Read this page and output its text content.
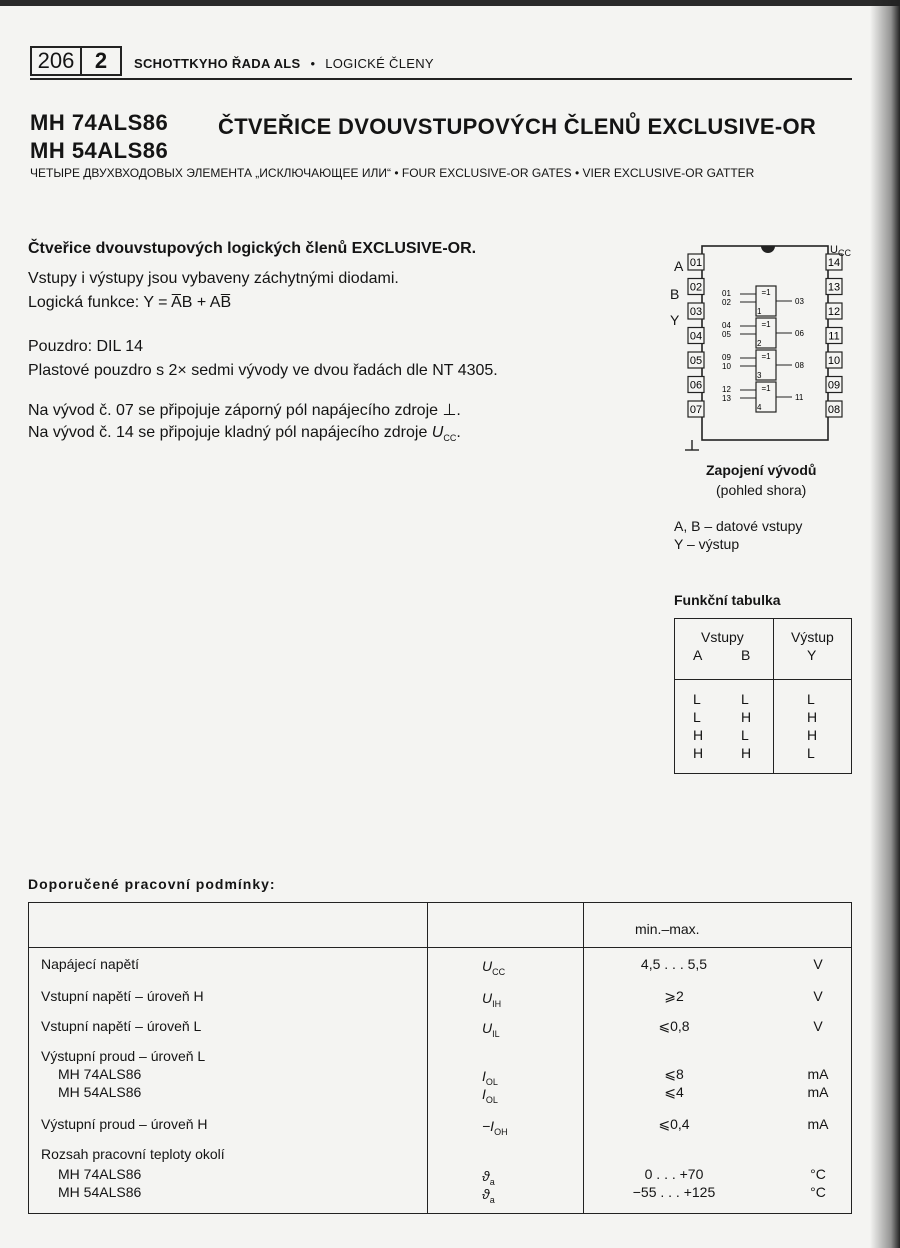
206 2	SCHOTTKYHO ŘADA ALS • LOGICKÉ ČLENY
MH 74ALS86
MH 54ALS86
ČTVEŘICE DVOUVSTUPOVÝCH ČLENŮ EXCLUSIVE-OR
ЧЕТЫРЕ ДВУХВХОДОВЫХ ЭЛЕМЕНТА „ИСКЛЮЧАЮЩЕЕ ИЛИ“ • FOUR EXCLUSIVE-OR GATES • VIER EXCLUSIVE-OR GATTER
Čtveřice dvouvstupových logických členů EXCLUSIVE-OR.
Vstupy i výstupy jsou vybaveny záchytnými diodami.
Logická funkce: Y = A̅B + AB̅
Pouzdro: DIL 14
Plastové pouzdro s 2× sedmi vývody ve dvou řadách dle NT 4305.
Na vývod č. 07 se připojuje záporný pól napájecího zdroje ⊥.
Na vývod č. 14 se připojuje kladný pól napájecího zdroje $U_{CC}$.
01
02
03
04
05
06
07
14
13
12
11
10
09
08
=1
1
01
02	03
=1
2
04
05	06
=1
3
09
10	08
=1
4
12
13	11
A
B
Y
$U_{CC}$
Zapojení vývodů
(pohled shora)
A, B – datové vstupy
Y – výstup
Funkční tabulka
Vstupy	Výstup
A	B	Y
L	L	L
L	H	H
H	L	H
H	H	L
Doporučené pracovní podmínky:
min.–max.
Napájecí napětí	$U_{CC}$	4,5 . . . 5,5	V
Vstupní napětí – úroveň H	$U_{IH}$	⩾2	V
Vstupní napětí – úroveň L	$U_{IL}$	⩽0,8	V
Výstupní proud – úroveň L
MH 74ALS86	$I_{OL}$	⩽8	mA
MH 54ALS86	$I_{OL}$	⩽4	mA
Výstupní proud – úroveň H	$-I_{OH}$	⩽0,4	mA
Rozsah pracovní teploty okolí
MH 74ALS86	$ϑ_a$	0 . . . +70	°C
MH 54ALS86	$ϑ_a$	−55 . . . +125	°C
